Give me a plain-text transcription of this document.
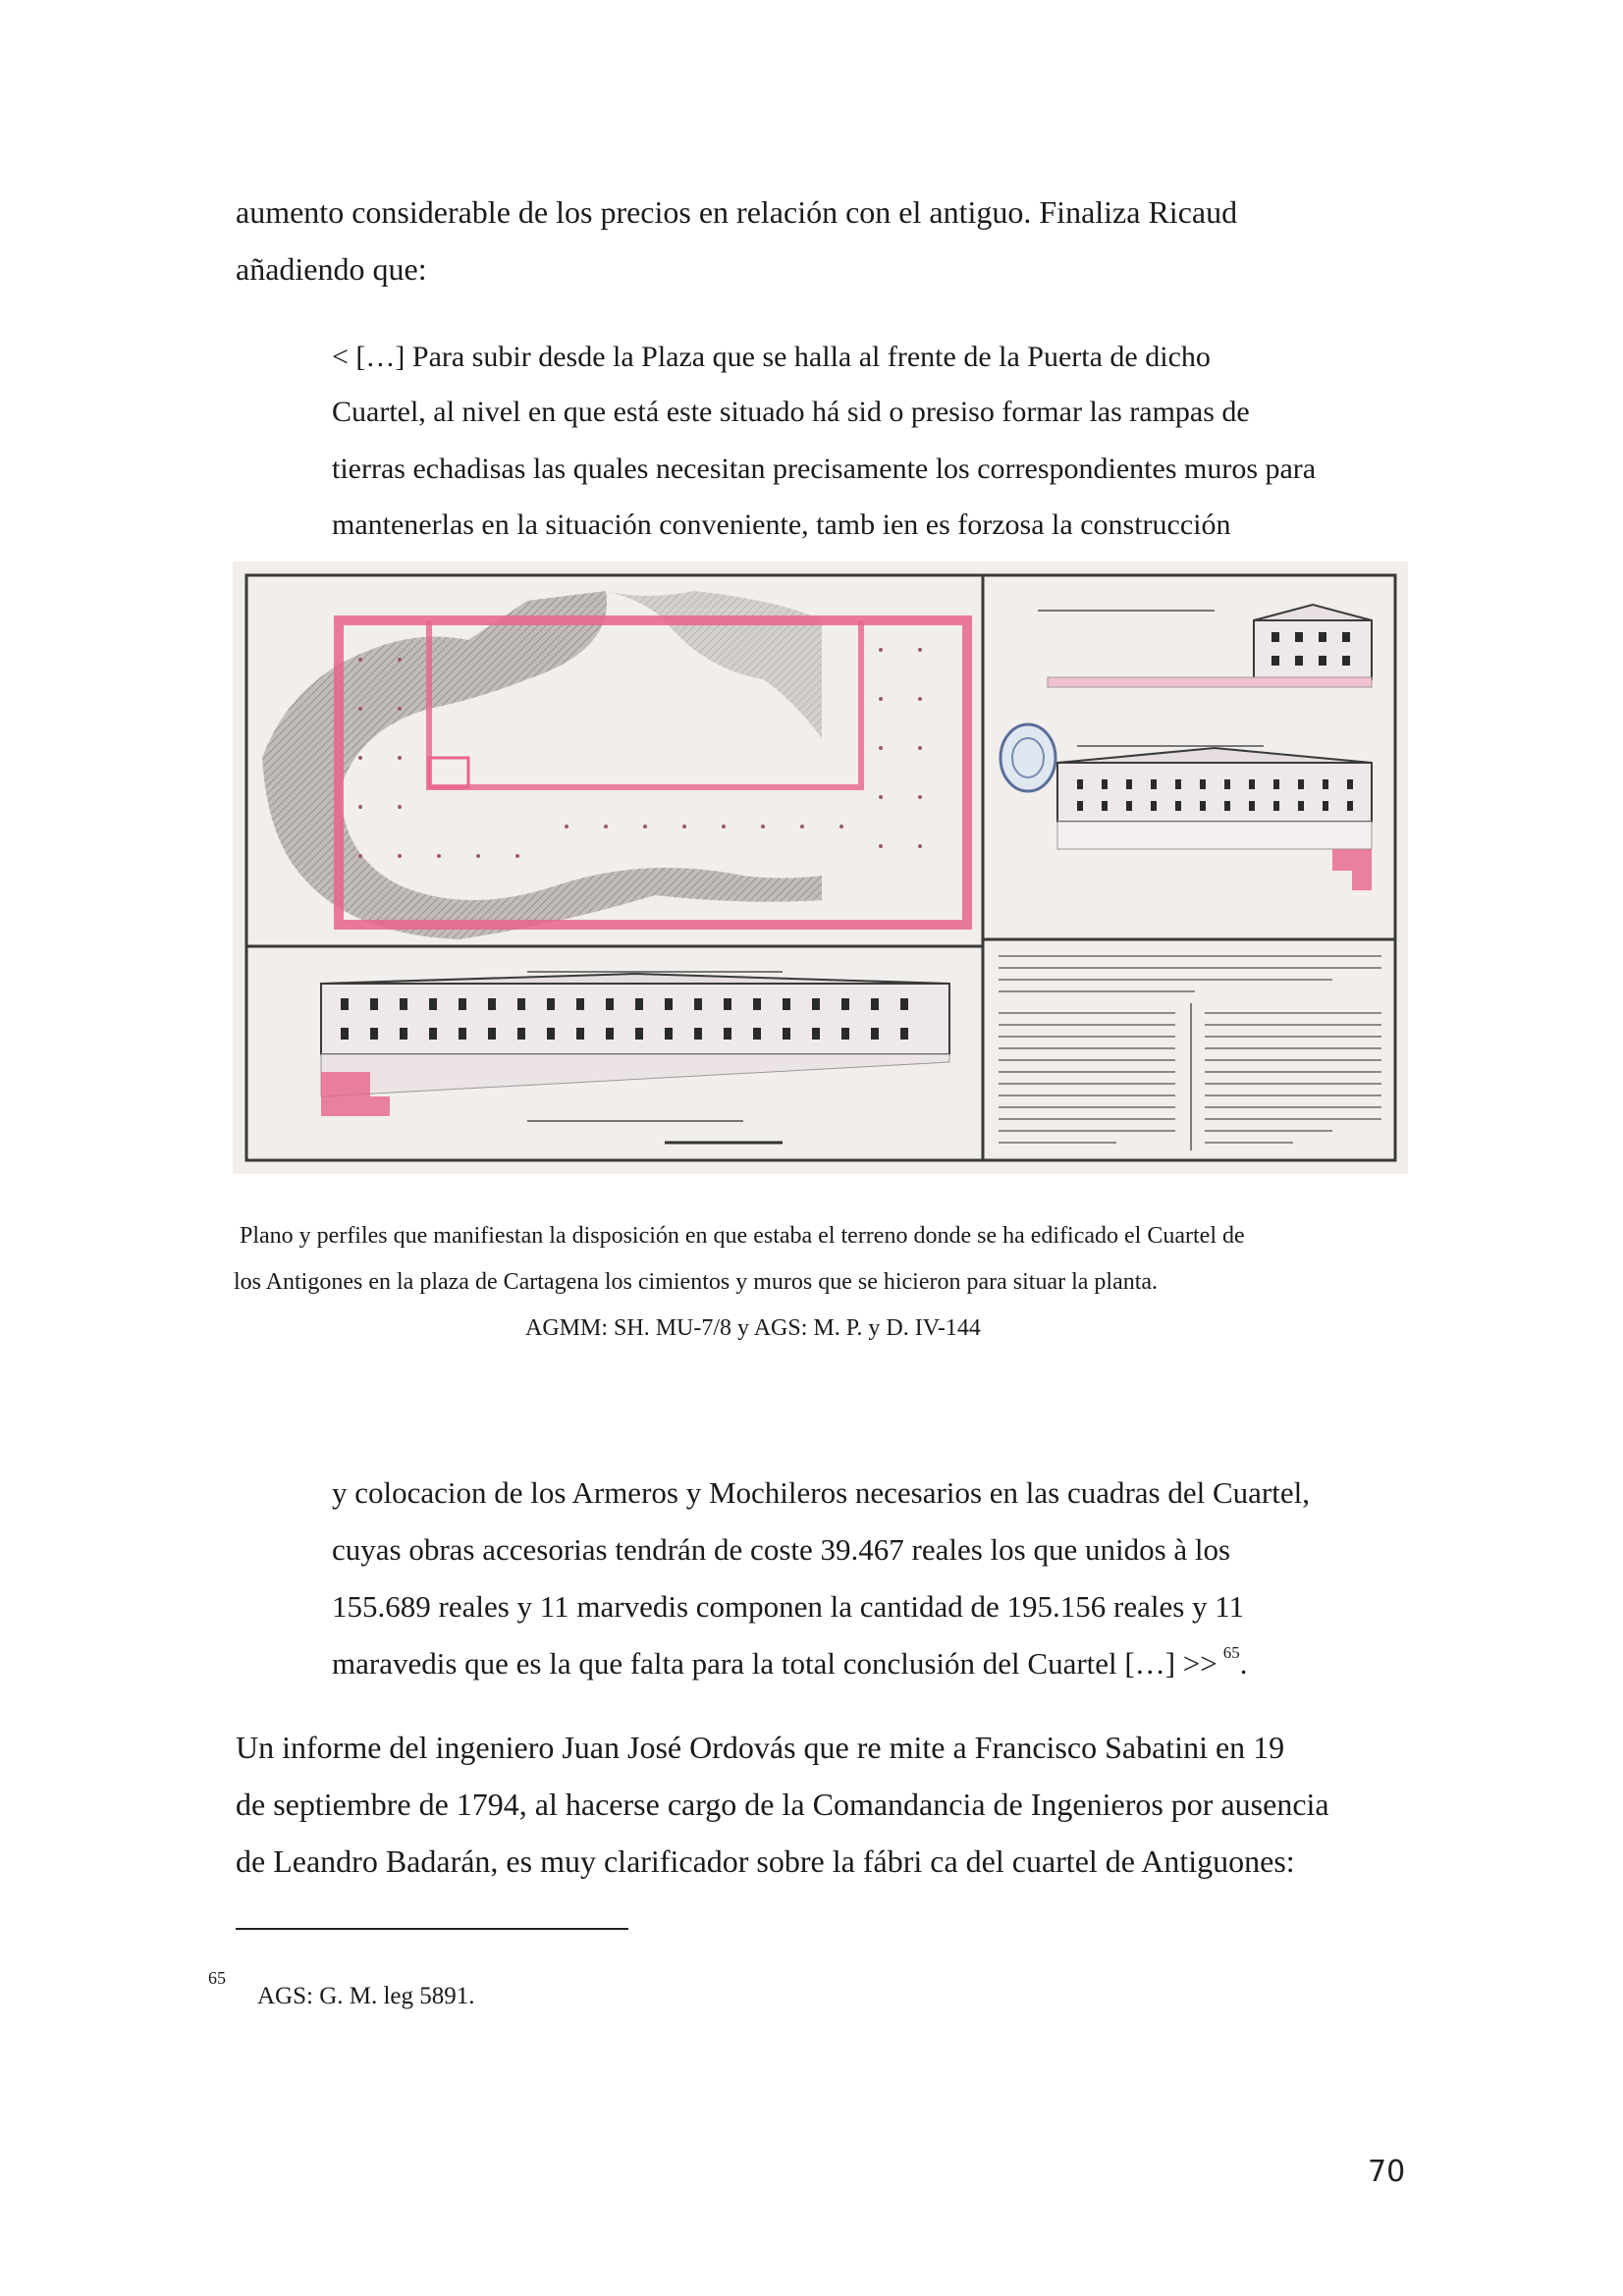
aumento considerable de los precios en relación con el antiguo. Finaliza Ricaud
añadiendo que:
< […] Para subir desde la Plaza que se halla al frente de la Puerta de dicho
Cuartel, al nivel en que está este situado há sid o presiso formar las rampas de
tierras echadisas las quales necesitan precisamente los correspondientes muros para
mantenerlas en la situación conveniente, tamb ien es forzosa la construcción
Plano y perfiles que manifiestan la disposición en que estaba el terreno donde se ha edificado el Cuartel de
los Antigones en la plaza de Cartagena los cimientos y muros que se hicieron para situar la planta.
AGMM: SH. MU-7/8 y AGS: M. P. y D. IV-144
y colocacion de los Armeros y Mochileros necesarios en las cuadras del Cuartel,
cuyas obras accesorias tendrán de coste 39.467 reales los que unidos à los
155.689 reales y 11 marvedis componen la cantidad de 195.156 reales y 11
maravedis que es la que falta para la total conclusión del Cuartel […] >> $^{65}$.
Un informe del ingeniero Juan José Ordovás que re mite a Francisco Sabatini en 19
de septiembre de 1794, al hacerse cargo de la Comandancia de Ingenieros por ausencia
de Leandro Badarán, es muy clarificador sobre la fábri ca del cuartel de Antiguones:
65
AGS: G. M. leg 5891.
70
